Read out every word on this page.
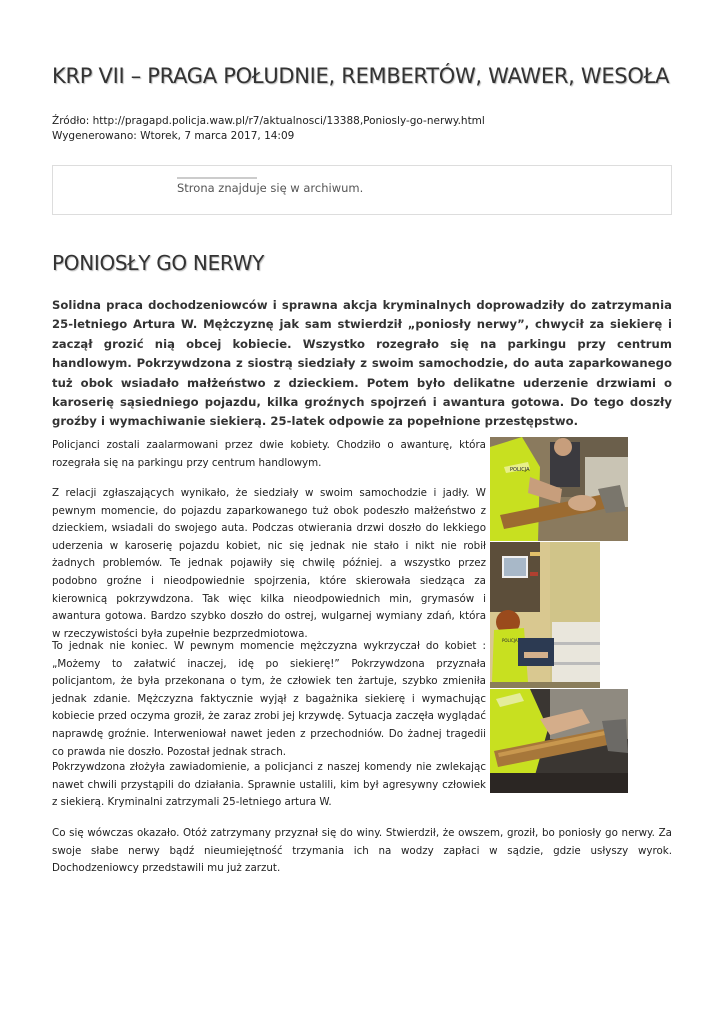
KRP VII – PRAGA POŁUDNIE, REMBERTÓW, WAWER, WESOŁA
Źródło: http://pragapd.policja.waw.pl/r7/aktualnosci/13388,Poniosly-go-nerwy.html
Wygenerowano: Wtorek, 7 marca 2017, 14:09
Strona znajduje się w archiwum.
PONIOSŁY GO NERWY
Solidna praca dochodzeniowców i sprawna akcja kryminalnych doprowadziły do zatrzymania 25-letniego Artura W. Mężczyznę jak sam stwierdził „poniosły nerwy”, chwycił za siekierę i zaczął grozić nią obcej kobiecie. Wszystko rozegrało się na parkingu przy centrum handlowym. Pokrzywdzona z siostrą siedziały z swoim samochodzie, do auta zaparkowanego tuż obok wsiadało małżeństwo z dzieckiem. Potem było delikatne uderzenie drzwiami o karoserię sąsiedniego pojazdu, kilka groźnych spojrzeń i awantura gotowa. Do tego doszły groźby i wymachiwanie siekierą. 25-latek odpowie za popełnione przestępstwo.

Policjanci zostali zaalarmowani przez dwie kobiety. Chodziło o awanturę, która rozegrała się na parkingu przy centrum handlowym.

Z relacji zgłaszających wynikało, że siedziały w swoim samochodzie i jadły. W pewnym momencie, do pojazdu zaparkowanego tuż obok podeszło małżeństwo z dzieckiem, wsiadali do swojego auta. Podczas otwierania drzwi doszło do lekkiego uderzenia w karoserię pojazdu kobiet, nic się jednak nie stało i nikt nie robił żadnych problemów. Te jednak pojawiły się chwilę później. a wszystko przez podobno groźne i nieodpowiednie spojrzenia, które skierowała siedząca za kierownicą pokrzywdzona. Tak więc kilka nieodpowiednich min, grymasów i awantura gotowa. Bardzo szybko doszło do ostrej, wulgarnej wymiany zdań, która w rzeczywistości była zupełnie bezprzedmiotowa.

To jednak nie koniec. W pewnym momencie mężczyzna wykrzyczał do kobiet : „Możemy to załatwić inaczej, idę po siekierę!” Pokrzywdzona przyznała policjantom, że była przekonana o tym, że człowiek ten żartuje, szybko zmieniła jednak zdanie. Mężczyzna faktycznie wyjął z bagażnika siekierę i wymachując kobiecie przed oczyma groził, że zaraz zrobi jej krzywdę. Sytuacja zaczęła wyglądać naprawdę groźnie. Interweniował nawet jeden z przechodniów. Do żadnej tragedii co prawda nie doszło. Pozostał jednak strach.

Pokrzywdzona złożyła zawiadomienie, a policjanci z naszej komendy nie zwlekając nawet chwili przystąpili do działania. Sprawnie ustalili, kim był agresywny człowiek z siekierą. Kryminalni zatrzymali 25-letniego artura W.

Co się wówczas okazało. Otóż zatrzymany przyznał się do winy. Stwierdził, że owszem, groził, bo poniosły go nerwy. Za swoje słabe nerwy bądź nieumiejętność trzymania ich na wodzy zapłaci w sądzie, gdzie usłyszy wyrok. Dochodzeniowcy przedstawili mu już zarzut.

POLICJA
POLICJA
